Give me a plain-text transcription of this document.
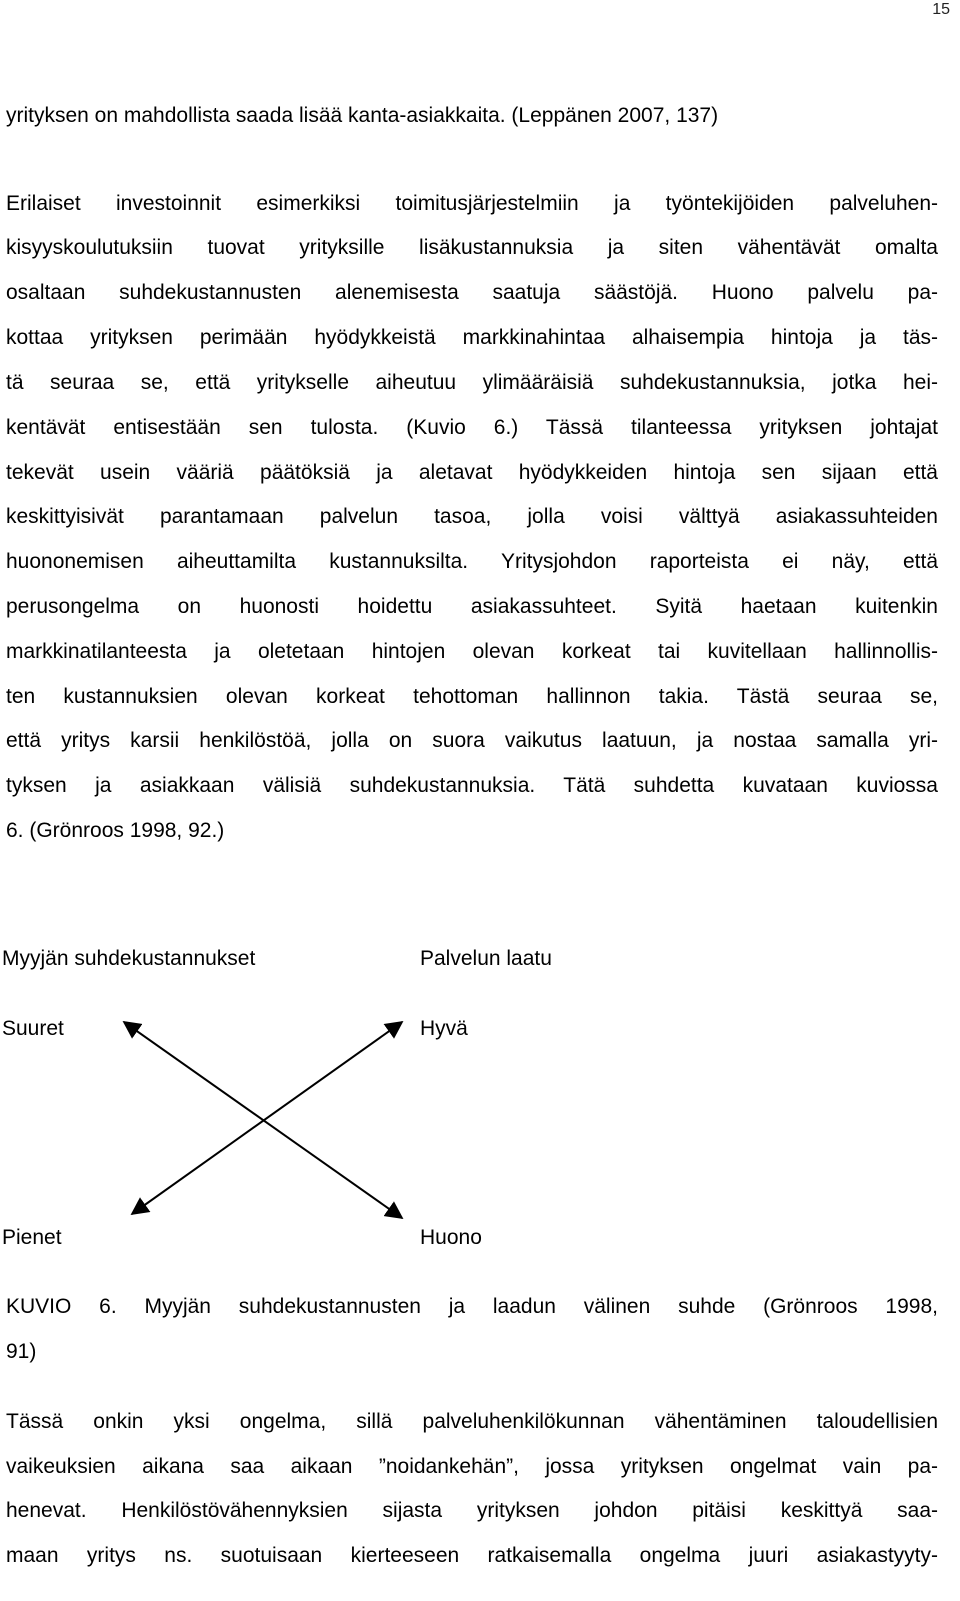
15
yrityksen on mahdollista saada lisää kanta-asiakkaita. (Leppänen 2007, 137)
Erilaiset investoinnit esimerkiksi toimitusjärjestelmiin ja työntekijöiden palveluhen-
kisyyskoulutuksiin tuovat yrityksille lisäkustannuksia ja siten vähentävät omalta
osaltaan suhdekustannusten alenemisesta saatuja säästöjä. Huono palvelu pa-
kottaa yrityksen perimään hyödykkeistä markkinahintaa alhaisempia hintoja ja täs-
tä seuraa se, että yritykselle aiheutuu ylimääräisiä suhdekustannuksia, jotka hei-
kentävät entisestään sen tulosta. (Kuvio 6.) Tässä tilanteessa yrityksen johtajat
tekevät usein vääriä päätöksiä ja aletavat hyödykkeiden hintoja sen sijaan että
keskittyisivät parantamaan palvelun tasoa, jolla voisi välttyä asiakassuhteiden
huononemisen aiheuttamilta kustannuksilta. Yritysjohdon raporteista ei näy, että
perusongelma on huonosti hoidettu asiakassuhteet. Syitä haetaan kuitenkin
markkinatilanteesta ja oletetaan hintojen olevan korkeat tai kuvitellaan hallinnollis-
ten kustannuksien olevan korkeat tehottoman hallinnon takia. Tästä seuraa se,
että yritys karsii henkilöstöä, jolla on suora vaikutus laatuun, ja nostaa samalla yri-
tyksen ja asiakkaan välisiä suhdekustannuksia. Tätä suhdetta kuvataan kuviossa
6. (Grönroos 1998, 92.)
Myyjän suhdekustannukset	Palvelun laatu
Suuret	Hyvä
Pienet	Huono
KUVIO 6. Myyjän suhdekustannusten ja laadun välinen suhde (Grönroos 1998,
91)
Tässä onkin yksi ongelma, sillä palveluhenkilökunnan vähentäminen taloudellisien
vaikeuksien aikana saa aikaan ”noidankehän”, jossa yrityksen ongelmat vain pa-
henevat. Henkilöstövähennyksien sijasta yrityksen johdon pitäisi keskittyä saa-
maan yritys ns. suotuisaan kierteeseen ratkaisemalla ongelma juuri asiakastyyty-
